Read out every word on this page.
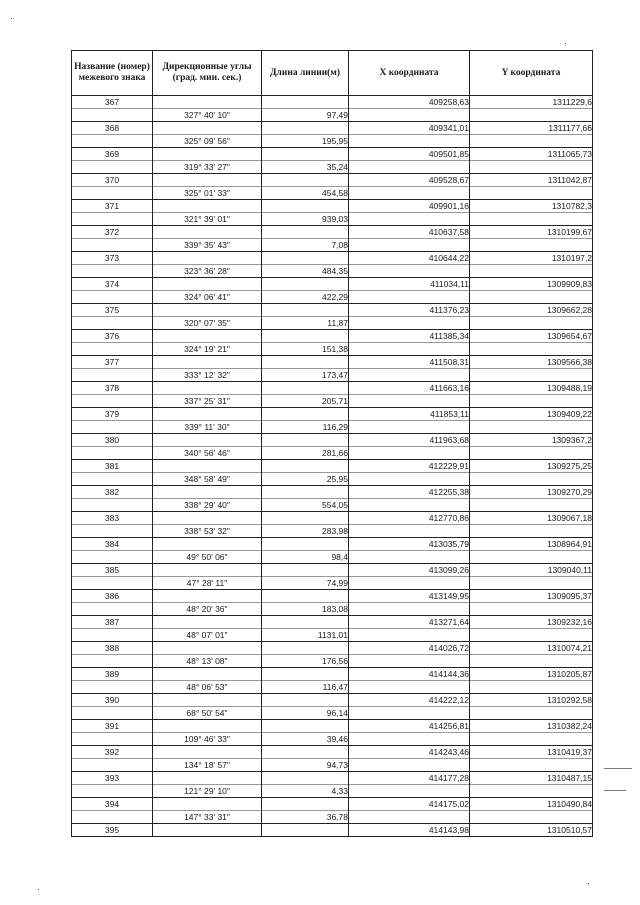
Название (номер) межевого знака	Дирекционные углы (град. мин. сек.)	Длина линии(м)	X координата	Y координата
367			409258,63	1311229,6
	327° 40' 10"	97,49		
368			409341,01	1311177,66
	325° 09' 56"	195,95		
369			409501,85	1311065,73
	319° 33' 27"	35,24		
370			409528,67	1311042,87
	325° 01' 33"	454,58		
371			409901,16	1310782,3
	321° 39' 01"	939,03		
372			410637,58	1310199,67
	339° 35' 43"	7,08		
373			410644,22	1310197,2
	323° 36' 28"	484,35		
374			411034,11	1309909,83
	324° 06' 41"	422,29		
375			411376,23	1309662,28
	320° 07' 35"	11,87		
376			411385,34	1309654,67
	324° 19' 21"	151,38		
377			411508,31	1309566,38
	333° 12' 32"	173,47		
378			411663,16	1309488,19
	337° 25' 31"	205,71		
379			411853,11	1309409,22
	339° 11' 30"	116,29		
380			411963,68	1309367,2
	340° 56' 46"	281,66		
381			412229,91	1309275,25
	348° 58' 49"	25,95		
382			412255,38	1309270,29
	338° 29' 40"	554,05		
383			412770,86	1309067,18
	338° 53' 32"	283,98		
384			413035,79	1308964,91
	49° 50' 06"	98,4		
385			413099,26	1309040,11
	47° 28' 11"	74,99		
386			413149,95	1309095,37
	48° 20' 36"	183,08		
387			413271,64	1309232,16
	48° 07' 01"	1131,01		
388			414026,72	1310074,21
	48° 13' 08"	176,56		
389			414144,36	1310205,87
	48° 06' 53"	116,47		
390			414222,12	1310292,58
	68° 50' 54"	96,14		
391			414256,81	1310382,24
	109° 46' 33"	39,46		
392			414243,46	1310419,37
	134° 18' 57"	94,73		
393			414177,28	1310487,15
	121° 29' 10"	4,33		
394			414175,02	1310490,84
	147° 33' 31"	36,78		
395			414143,98	1310510,57
